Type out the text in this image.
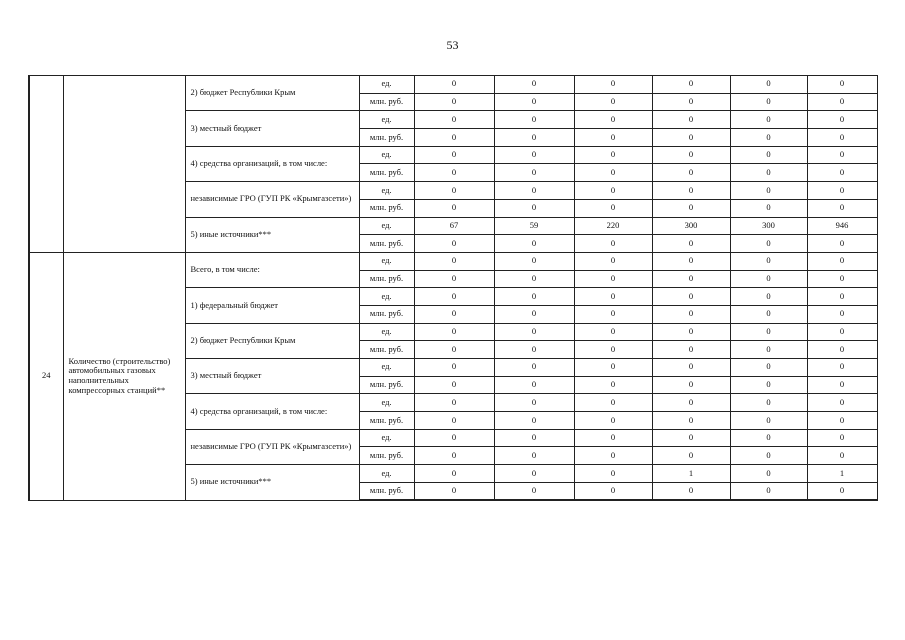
53
		2) бюджет Республики Крым	ед.	0	0	0	0	0	0
			млн. руб.	0	0	0	0	0	0
		3) местный бюджет	ед.	0	0	0	0	0	0
			млн. руб.	0	0	0	0	0	0
		4) средства организаций, в том числе:	ед.	0	0	0	0	0	0
			млн. руб.	0	0	0	0	0	0
		независимые ГРО (ГУП РК «Крымгазсети»)	ед.	0	0	0	0	0	0
			млн. руб.	0	0	0	0	0	0
		5) иные источники***	ед.	67	59	220	300	300	946
			млн. руб.	0	0	0	0	0	0
24	Количество (строительство) автомобильных газовых наполнительных компрессорных станций**	Всего, в том числе:	ед.	0	0	0	0	0	0
			млн. руб.	0	0	0	0	0	0
		1) федеральный бюджет	ед.	0	0	0	0	0	0
			млн. руб.	0	0	0	0	0	0
		2) бюджет Республики Крым	ед.	0	0	0	0	0	0
			млн. руб.	0	0	0	0	0	0
		3) местный бюджет	ед.	0	0	0	0	0	0
			млн. руб.	0	0	0	0	0	0
		4) средства организаций, в том числе:	ед.	0	0	0	0	0	0
			млн. руб.	0	0	0	0	0	0
		независимые ГРО (ГУП РК «Крымгазсети»)	ед.	0	0	0	0	0	0
			млн. руб.	0	0	0	0	0	0
		5) иные источники***	ед.	0	0	0	1	0	1
			млн. руб.	0	0	0	0	0	0
